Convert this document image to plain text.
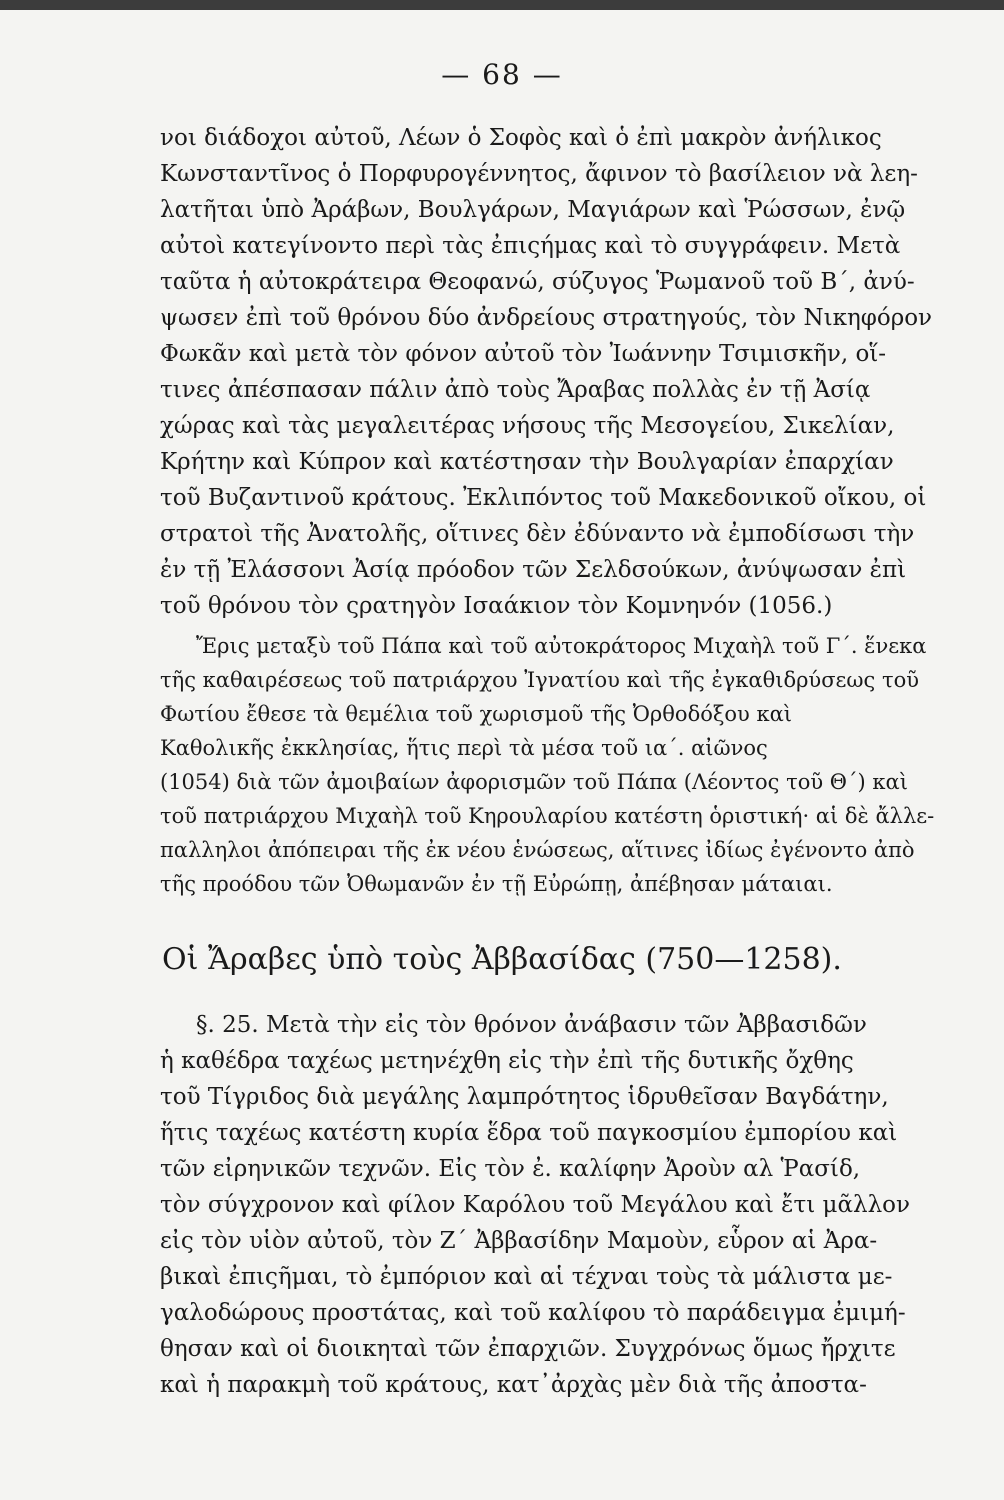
— 68 —
νοι διάδοχοι αὐτοῦ, Λέων ὁ Σοφὸς καὶ ὁ ἐπὶ μακρὸν ἀνήλικος
Κωνσταντῖνος ὁ Πορφυρογέννητος, ἄφινον τὸ βασίλειον νὰ λεη-
λατῆται ὑπὸ Ἀράβων, Βουλγάρων, Μαγιάρων καὶ Ῥώσσων, ἐνῷ
αὐτοὶ κατεγίνοντο περὶ τὰς ἐπιςήμας καὶ τὸ συγγράφειν. Μετὰ
ταῦτα ἡ αὐτοκράτειρα Θεοφανώ, σύζυγος Ῥωμανοῦ τοῦ Β΄, ἀνύ-
ψωσεν ἐπὶ τοῦ θρόνου δύο ἀνδρείους στρατηγούς, τὸν Νικηφόρον
Φωκᾶν καὶ μετὰ τὸν φόνον αὐτοῦ τὸν Ἰωάννην Τσιμισκῆν, οἵ-
τινες ἀπέσπασαν πάλιν ἀπὸ τοὺς Ἄραβας πολλὰς ἐν τῇ Ἀσίᾳ
χώρας καὶ τὰς μεγαλειτέρας νήσους τῆς Μεσογείου, Σικελίαν,
Κρήτην καὶ Κύπρον καὶ κατέστησαν τὴν Βουλγαρίαν ἐπαρχίαν
τοῦ Βυζαντινοῦ κράτους. Ἐκλιπόντος τοῦ Μακεδονικοῦ οἴκου, οἱ
στρατοὶ τῆς Ἀνατολῆς, οἵτινες δὲν ἐδύναντο νὰ ἐμποδίσωσι τὴν
ἐν τῇ Ἐλάσσονι Ἀσίᾳ πρόοδον τῶν Σελδσούκων, ἀνύψωσαν ἐπὶ
τοῦ θρόνου τὸν ςρατηγὸν Ισαάκιον τὸν Κομνηνόν (1056.)
Ἔρις μεταξὺ τοῦ Πάπα καὶ τοῦ αὐτοκράτορος Μιχαὴλ τοῦ Γ΄. ἕνεκα
τῆς καθαιρέσεως τοῦ πατριάρχου Ἰγνατίου καὶ τῆς ἐγκαθιδρύσεως τοῦ
Φωτίου ἔθεσε τὰ θεμέλια τοῦ χωρισμοῦ τῆς Ὀρθοδόξου καὶ
Καθολικῆς ἐκκλησίας, ἥτις περὶ τὰ μέσα τοῦ ια΄. αἰῶνος
(1054) διὰ τῶν ἀμοιβαίων ἀφορισμῶν τοῦ Πάπα (Λέοντος τοῦ Θ΄) καὶ
τοῦ πατριάρχου Μιχαὴλ τοῦ Κηρουλαρίου κατέστη ὁριστική· αἱ δὲ ἄλλε-
παλληλοι ἀπόπειραι τῆς ἐκ νέου ἑνώσεως, αἵτινες ἰδίως ἐγένοντο ἀπὸ
τῆς προόδου τῶν Ὀθωμανῶν ἐν τῇ Εὐρώπῃ, ἀπέβησαν μάταιαι.
Οἱ Ἄραβες ὑπὸ τοὺς Ἀββασίδας (750—1258).
§. 25. Μετὰ τὴν εἰς τὸν θρόνον ἀνάβασιν τῶν Ἀββασιδῶν
ἡ καθέδρα ταχέως μετηνέχθη εἰς τὴν ἐπὶ τῆς δυτικῆς ὄχθης
τοῦ Τίγριδος διὰ μεγάλης λαμπρότητος ἱδρυθεῖσαν Βαγδάτην,
ἥτις ταχέως κατέστη κυρία ἕδρα τοῦ παγκοσμίου ἐμπορίου καὶ
τῶν εἰρηνικῶν τεχνῶν. Εἰς τὸν ἐ. καλίφην Ἀροὺν αλ Ῥασίδ,
τὸν σύγχρονον καὶ φίλον Καρόλου τοῦ Μεγάλου καὶ ἔτι μᾶλλον
εἰς τὸν υἱὸν αὐτοῦ, τὸν Ζ΄ Ἀββασίδην Μαμοὺν, εὗρον αἱ Ἀρα-
βικαὶ ἐπιςῆμαι, τὸ ἐμπόριον καὶ αἱ τέχναι τοὺς τὰ μάλιστα με-
γαλοδώρους προστάτας, καὶ τοῦ καλίφου τὸ παράδειγμα ἐμιμή-
θησαν καὶ οἱ διοικηταὶ τῶν ἐπαρχιῶν. Συγχρόνως ὅμως ἤρχιτε
καὶ ἡ παρακμὴ τοῦ κράτους, κατ᾽ἀρχὰς μὲν διὰ τῆς ἀποστα-
